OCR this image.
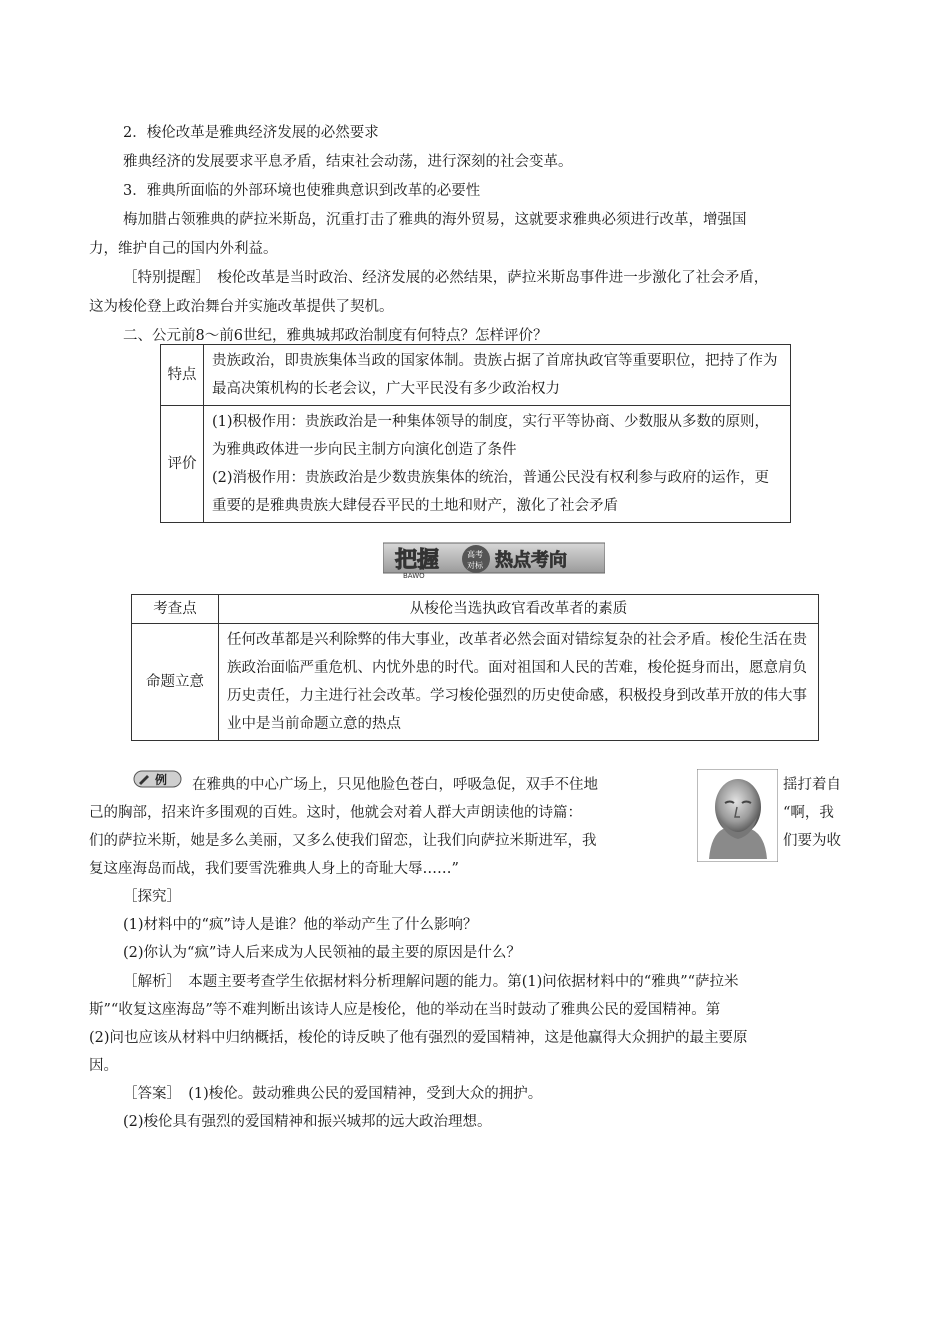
2．梭伦改革是雅典经济发展的必然要求
雅典经济的发展要求平息矛盾，结束社会动荡，进行深刻的社会变革。
3．雅典所面临的外部环境也使雅典意识到改革的必要性
梅加腊占领雅典的萨拉米斯岛，沉重打击了雅典的海外贸易，这就要求雅典必须进行改革，增强国
力，维护自己的国内外利益。
［特别提醒］　梭伦改革是当时政治、经济发展的必然结果，萨拉米斯岛事件进一步激化了社会矛盾，
这为梭伦登上政治舞台并实施改革提供了契机。
二、公元前8～前6世纪，雅典城邦政治制度有何特点？怎样评价？
特点	贵族政治，即贵族集体当政的国家体制。贵族占据了首席执政官等重要职位，把持了作为最高决策机构的长老会议，广大平民没有多少政治权力
评价	(1)积极作用：贵族政治是一种集体领导的制度，实行平等协商、少数服从多数的原则，为雅典政体进一步向民主制方向演化创造了条件
(2)消极作用：贵族政治是少数贵族集体的统治，普通公民没有权利参与政府的运作，更重要的是雅典贵族大肆侵吞平民的土地和财产，激化了社会矛盾
把握
BAWO
高考
对标 热点考向
考查点	从梭伦当选执政官看改革者的素质
命题立意	任何改革都是兴利除弊的伟大事业，改革者必然会面对错综复杂的社会矛盾。梭伦生活在贵族政治面临严重危机、内忧外患的时代。面对祖国和人民的苦难，梭伦挺身而出，愿意肩负历史责任，力主进行社会改革。学习梭伦强烈的历史使命感，积极投身到改革开放的伟大事业中是当前命题立意的热点
例 在雅典的中心广场上，只见他脸色苍白，呼吸急促，双手不住地	揺打着自
己的胸部，招来许多围观的百姓。这时，他就会对着人群大声朗读他的诗篇：	“啊，我
们的萨拉米斯，她是多么美丽，又多么使我们留恋，让我们向萨拉米斯进军，我	们要为收
复这座海岛而战，我们要雪洗雅典人身上的奇耻大辱……”
［探究］
(1)材料中的“疯”诗人是谁？他的举动产生了什么影响？
(2)你认为“疯”诗人后来成为人民领袖的最主要的原因是什么？
［解析］　本题主要考查学生依据材料分析理解问题的能力。第(1)问依据材料中的“雅典”“萨拉米
斯”“收复这座海岛”等不难判断出该诗人应是梭伦，他的举动在当时鼓动了雅典公民的爱国精神。第
(2)问也应该从材料中归纳概括，梭伦的诗反映了他有强烈的爱国精神，这是他赢得大众拥护的最主要原
因。
［答案］　(1)梭伦。鼓动雅典公民的爱国精神，受到大众的拥护。
(2)梭伦具有强烈的爱国精神和振兴城邦的远大政治理想。
